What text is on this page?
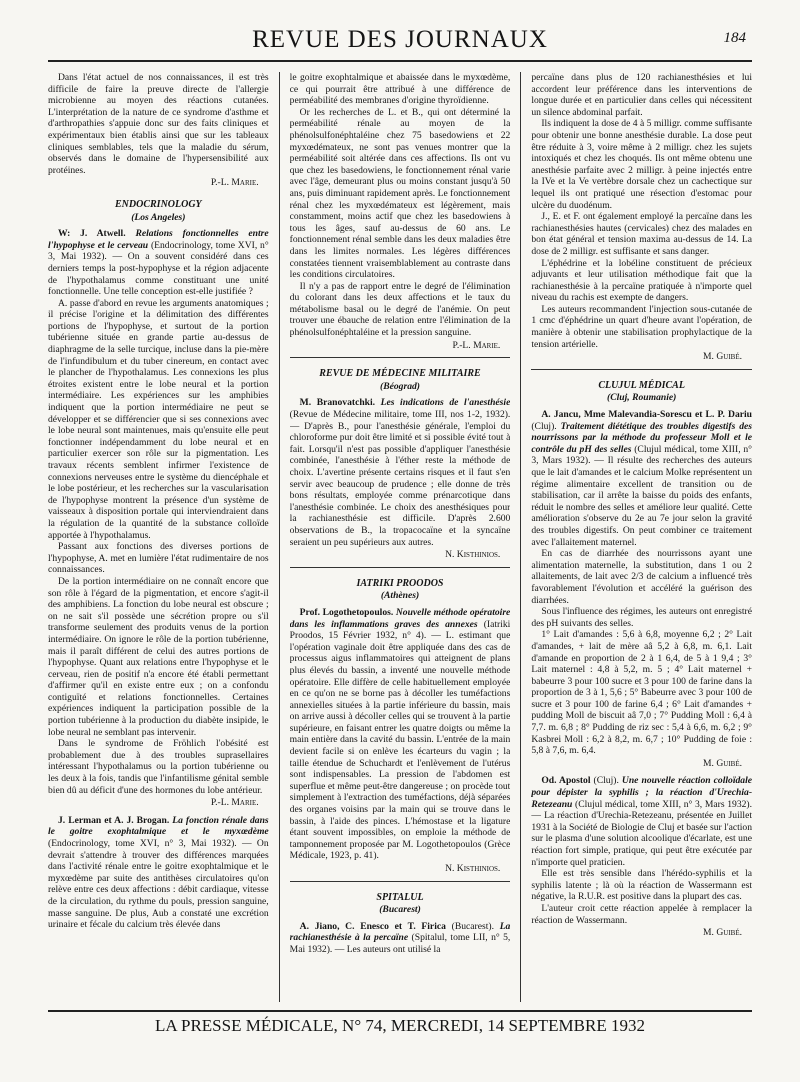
REVUE DES JOURNAUX	184

Dans l'état actuel de nos connaissances, il est très difficile de faire la preuve directe de l'allergie microbienne au moyen des réactions cutanées. L'interprétation de la nature de ce syndrome d'asthme et d'arthropathies s'appuie donc sur des faits cliniques et expérimentaux bien établis ainsi que sur les tableaux cliniques semblables, tels que la maladie du sérum, observés dans le domaine de l'hypersensibilité aux protéines.

P.-L. Marie.

ENDOCRINOLOGY

(Los Angeles)

W: J. Atwell. Relations fonctionnelles entre l'hypophyse et le cerveau (Endocrinology, tome XVI, n° 3, Mai 1932). — On a souvent considéré dans ces derniers temps la post-hypophyse et la région adjacente de l'hypothalamus comme constituant une unité fonctionnelle. Une telle conception est-elle justifiée ?

A. passe d'abord en revue les arguments anatomiques ; il précise l'origine et la délimitation des différentes portions de l'hypophyse, et surtout de la portion tubérienne située en grande partie au-dessus de diaphragme de la selle turcique, incluse dans la pie-mère de l'infundibulum et du tuber cinereum, en contact avec le plancher de l'hypothalamus. Les connexions les plus étroites existent entre le lobe neural et la portion intermédiaire. Les expériences sur les amphibies indiquent que la portion intermédiaire ne peut se développer et se différencier que si ses connexions avec le lobe neural sont maintenues, mais qu'ensuite elle peut fonctionner indépendamment du lobe neural et en particulier exercer son rôle sur la pigmentation. Les travaux récents semblent infirmer l'existence de connexions nerveuses entre le système du diencéphale et le lobe postérieur, et les recherches sur la vascularisation de l'hypophyse montrent la présence d'un système de vaisseaux à disposition portale qui interviendraient dans la régulation de la quantité de la substance colloïde apportée à l'hypothalamus.

Passant aux fonctions des diverses portions de l'hypophyse, A. met en lumière l'état rudimentaire de nos connaissances.

De la portion intermédiaire on ne connaît encore que son rôle à l'égard de la pigmentation, et encore s'agit-il des amphibiens. La fonction du lobe neural est obscure ; on ne sait s'il possède une sécrétion propre ou s'il transforme seulement des produits venus de la portion intermédiaire. On ignore le rôle de la portion tubérienne, mais il paraît différent de celui des autres portions de l'hypophyse. Quant aux relations entre l'hypophyse et le cerveau, rien de positif n'a encore été établi permettant d'affirmer qu'il en existe entre eux ; on a confondu contiguïté et relations fonctionnelles. Certaines expériences indiquent la participation possible de la portion tubérienne à la production du diabète insipide, le lobe neural ne semblant pas intervenir.

Dans le syndrome de Fröhlich l'obésité est probablement due à des troubles suprasellaires intéressant l'hypothalamus ou la portion tubérienne ou les deux à la fois, tandis que l'infantilisme génital semble bien dû au déficit d'une des hormones du lobe antérieur.

P.-L. Marie.

J. Lerman et A. J. Brogan. La fonction rénale dans le goitre exophtalmique et le myxœdème (Endocrinology, tome XVI, n° 3, Mai 1932). — On devrait s'attendre à trouver des différences marquées dans l'activité rénale entre le goitre exophtalmique et le myxœdème par suite des antithèses circulatoires qu'on relève entre ces deux affections : débit cardiaque, vitesse de la circulation, du rythme du pouls, pression sanguine, masse sanguine. De plus, Aub a constaté une excrétion urinaire et fécale du calcium très élevée dans

le goitre exophtalmique et abaissée dans le myxœdème, ce qui pourrait être attribué à une différence de perméabilité des membranes d'origine thyroïdienne.

Or les recherches de L. et B., qui ont déterminé la perméabilité rénale au moyen de la phénolsulfonéphtaléine chez 75 basedowiens et 22 myxœdémateux, ne sont pas venues montrer que la perméabilité soit altérée dans ces affections. Ils ont vu que chez les basedowiens, le fonctionnement rénal varie avec l'âge, demeurant plus ou moins constant jusqu'à 50 ans, puis diminuant rapidement après. Le fonctionnement rénal chez les myxœdémateux est légèrement, mais constamment, moins actif que chez les basedowiens à tous les âges, sauf au-dessus de 60 ans. Le fonctionnement rénal semble dans les deux maladies être dans les limites normales. Les légères différences constatées tiennent vraisemblablement au contraste dans les conditions circulatoires.

Il n'y a pas de rapport entre le degré de l'élimination du colorant dans les deux affections et le taux du métabolisme basal ou le degré de l'anémie. On peut trouver une ébauche de relation entre l'élimination de la phénolsulfonéphtaléine et la pression sanguine.

P.-L. Marie.

REVUE DE MÉDECINE MILITAIRE

(Béograd)

M. Branovatchki. Les indications de l'anesthésie (Revue de Médecine militaire, tome III, nos 1-2, 1932). — D'après B., pour l'anesthésie générale, l'emploi du chloroforme pur doit être limité et si possible évité tout à fait. Lorsqu'il n'est pas possible d'appliquer l'anesthésie combinée, l'anesthésie à l'éther reste la méthode de choix. L'avertine présente certains risques et il faut s'en servir avec beaucoup de prudence ; elle donne de très bons résultats, employée comme prénarcotique dans l'anesthésie combinée. Le choix des anesthésiques pour la rachianesthésie est difficile. D'après 2.600 observations de B., la tropacocaïne et la syncaïne seraient un peu supérieurs aux autres.

N. Kisthinios.

IATRIKI PROODOS

(Athènes)

Prof. Logothetopoulos. Nouvelle méthode opératoire dans les inflammations graves des annexes (Iatriki Proodos, 15 Février 1932, n° 4). — L. estimant que l'opération vaginale doit être appliquée dans des cas de processus aigus inflammatoires qui atteignent de plans plus élevés du bassin, a inventé une nouvelle méthode opératoire. Elle diffère de celle habituellement employée en ce qu'on ne se borne pas à décoller les tuméfactions annexielles situées à la partie inférieure du bassin, mais on arrive aussi à décoller celles qui se trouvent à la partie supérieure, en faisant entrer les quatre doigts ou même la main entière dans la cavité du bassin. L'entrée de la main devient facile si on enlève les écarteurs du vagin ; la taille étendue de Schuchardt et l'enlèvement de l'utérus sont indispensables. La pression de l'abdomen est superflue et même peut-être dangereuse ; on procède tout simplement à l'extraction des tuméfactions, déjà séparées des organes voisins par la main qui se trouve dans le bassin, à l'aide des pinces. L'hémostase et la ligature étant souvent impossibles, on emploie la méthode de tamponnement proposée par M. Logothetopoulos (Grèce Médicale, 1923, p. 41).

N. Kisthinios.

SPITALUL

(Bucarest)

A. Jiano, C. Enesco et T. Firica (Bucarest). La rachianesthésie à la percaïne (Spitalul, tome LII, n° 5, Mai 1932). — Les auteurs ont utilisé la

percaïne dans plus de 120 rachianesthésies et lui accordent leur préférence dans les interventions de longue durée et en particulier dans celles qui nécessitent un silence abdominal parfait.

Ils indiquent la dose de 4 à 5 milligr. comme suffisante pour obtenir une bonne anesthésie durable. La dose peut être réduite à 3, voire même à 2 milligr. chez les sujets intoxiqués et chez les choqués. Ils ont même obtenu une anesthésie parfaite avec 2 milligr. à peine injectés entre la IVe et la Ve vertèbre dorsale chez un cachectique sur lequel ils ont pratiqué une résection d'estomac pour ulcère du duodénum.

J., E. et F. ont également employé la percaïne dans les rachianesthésies hautes (cervicales) chez des malades en bon état général et tension maxima au-dessus de 14. La dose de 2 milligr. est suffisante et sans danger.

L'éphédrine et la lobéline constituent de précieux adjuvants et leur utilisation méthodique fait que la rachianesthésie à la percaïne pratiquée à n'importe quel niveau du rachis est exempte de dangers.

Les auteurs recommandent l'injection sous-cutanée de 1 cmc d'éphédrine un quart d'heure avant l'opération, de manière à obtenir une stabilisation prophylactique de la tension artérielle.

M. Guibé.

CLUJUL MÉDICAL

(Cluj, Roumanie)

A. Jancu, Mme Malevandia-Sorescu et L. P. Dariu (Cluj). Traitement diététique des troubles digestifs des nourrissons par la méthode du professeur Moll et le contrôle du pH des selles (Clujul médical, tome XIII, n° 3, Mars 1932). — Il résulte des recherches des auteurs que le lait d'amandes et le calcium Molke représentent un régime alimentaire excellent de transition ou de stabilisation, car il arrête la baisse du poids des enfants, réduit le nombre des selles et améliore leur qualité. Cette amélioration s'observe du 2e au 7e jour selon la gravité des troubles digestifs. On peut combiner ce traitement avec l'allaitement maternel.

En cas de diarrhée des nourrissons ayant une alimentation maternelle, la substitution, dans 1 ou 2 allaitements, de lait avec 2/3 de calcium a influencé très favorablement l'évolution et accéléré la guérison des diarrhées.

Sous l'influence des régimes, les auteurs ont enregistré des pH suivants des selles.

1° Lait d'amandes : 5,6 à 6,8, moyenne 6,2 ; 2° Lait d'amandes, + lait de mère aâ 5,2 à 6,8, m. 6,1. Lait d'amande en proportion de 2 à 1 6,4, de 5 à 1 9,4 ; 3° Lait maternel : 4,8 à 5,2, m. 5 ; 4° Lait maternel + babeurre 3 pour 100 sucre et 3 pour 100 de farine dans la proportion de 3 à 1, 5,6 ; 5° Babeurre avec 3 pour 100 de sucre et 3 pour 100 de farine 6,4 ; 6° Lait d'amandes + pudding Moll de biscuit aâ 7,0 ; 7° Pudding Moll : 6,4 à 7,7. m. 6,8 ; 8° Pudding de riz sec : 5,4 à 6,6, m. 6,2 ; 9° Kasbrei Moll : 6,2 à 8,2, m. 6,7 ; 10° Pudding de foie : 5,8 à 7,6, m. 6,4.

M. Guibé.

Od. Apostol (Cluj). Une nouvelle réaction colloïdale pour dépister la syphilis ; la réaction d'Urechia-Retezeanu (Clujul médical, tome XIII, n° 3, Mars 1932). — La réaction d'Urechia-Retezeanu, présentée en Juillet 1931 à la Société de Biologie de Cluj et basée sur l'action sur le plasma d'une solution alcoolique d'écarlate, est une réaction fort simple, pratique, qui peut être exécutée par n'importe quel praticien.

Elle est très sensible dans l'hérédo-syphilis et la syphilis latente ; là où la réaction de Wassermann est négative, la R.U.R. est positive dans la plupart des cas.

L'auteur croit cette réaction appelée à remplacer la réaction de Wassermann.

M. Guibé.

LA PRESSE MÉDICALE, N° 74, MERCREDI, 14 SEPTEMBRE 1932
